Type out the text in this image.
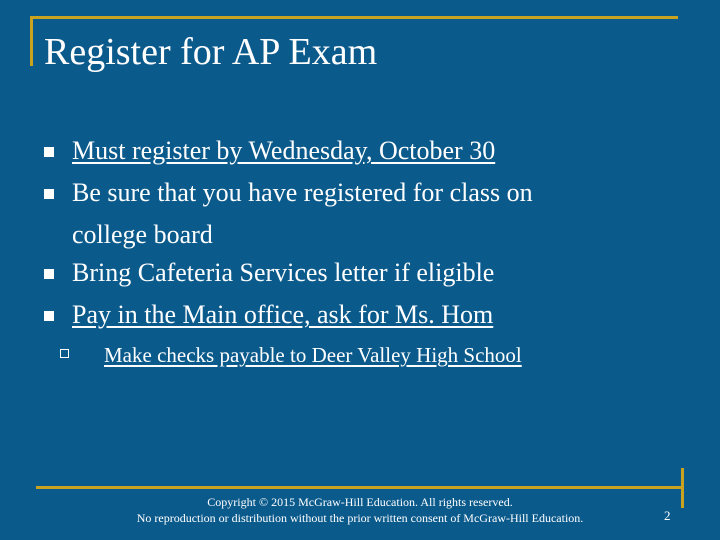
Register for AP Exam
Must register by Wednesday, October 30
Be sure that you have registered for class on
college board
Bring Cafeteria Services letter if eligible
Pay in the Main office, ask for Ms. Hom
Make checks payable to Deer Valley High School
Copyright © 2015 McGraw-Hill Education. All rights reserved.
No reproduction or distribution without the prior written consent of McGraw-Hill Education.	2
